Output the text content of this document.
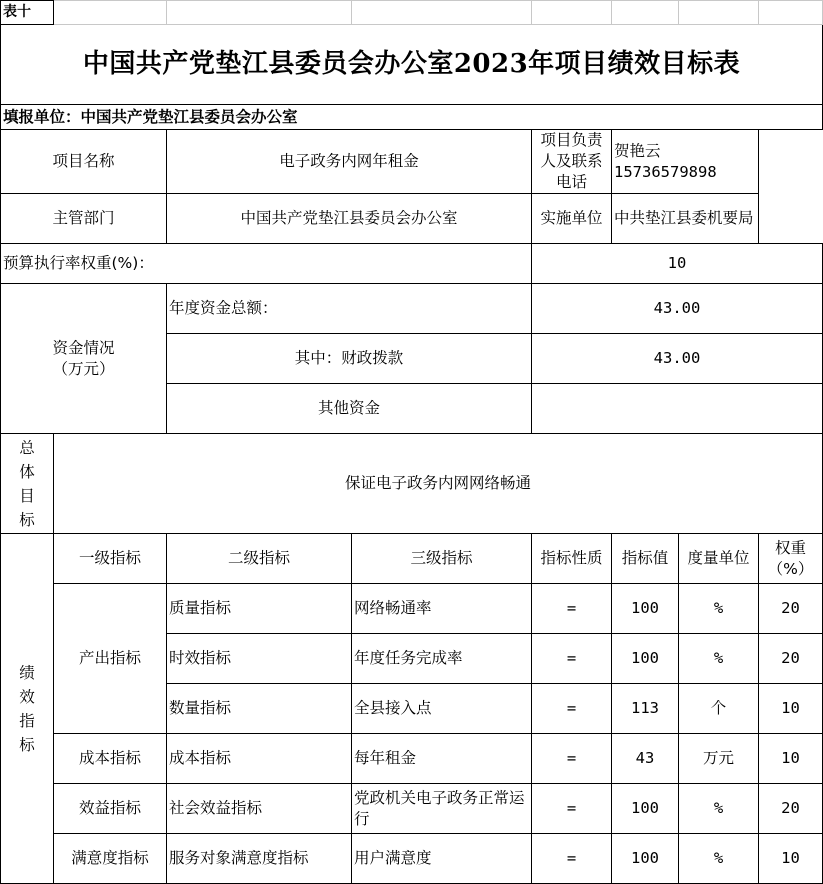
表十							
中国共产党垫江县委员会办公室2023年项目绩效目标表							
填报单位：中国共产党垫江县委员会办公室							
项目名称		电子政务内网年租金		项目负责人及联系电话	贺艳云
15736579898		

主管部门		中国共产党垫江县委员会办公室		实施单位	中共垫江县委机要局		
预算执行率权重(%)：				10			

资金情况
（万元）		年度资金总额：		43.00			
		其中：财政拨款		43.00			
		其他资金					

总
体
目
标	保证电子政务内网网络畅通						

绩
效
指
标	一级指标	二级指标	三级指标	指标性质	指标值	度量单位	权重（%）
	产出指标	质量指标	网络畅通率	=	100	%	20
		时效指标	年度任务完成率	=	100	%	20
		数量指标	全县接入点	=	113	个	10
	成本指标	成本指标	每年租金	=	43	万元	10
	效益指标	社会效益指标	党政机关电子政务正常运行	=	100	%	20
	满意度指标	服务对象满意度指标	用户满意度	=	100	%	10
